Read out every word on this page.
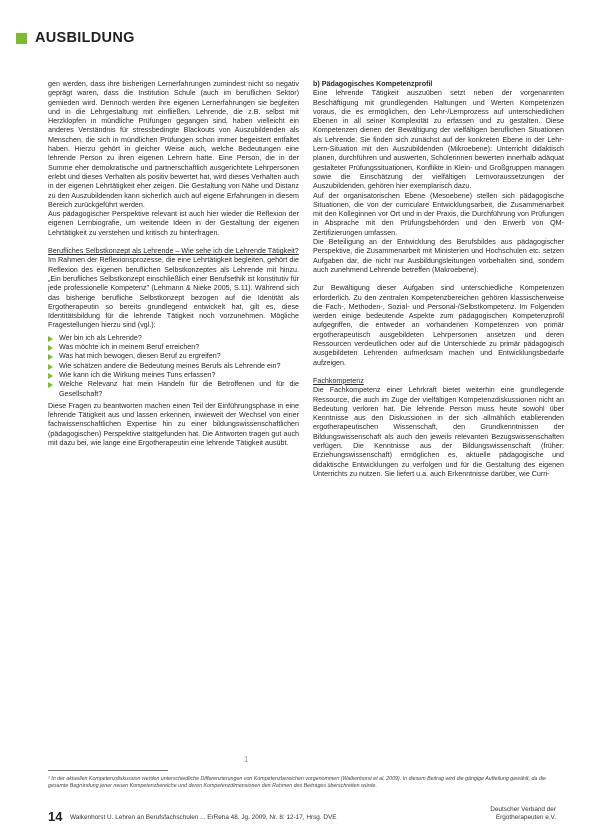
AUSBILDUNG

gen werden, dass ihre bisherigen Lernerfahrungen zumindest nicht so negativ geprägt waren, dass die Institution Schule (auch im beruflichen Sektor) gemieden wird. Dennoch werden ihre eigenen Lernerfahrungen sie begleiten und in die Lehrgestaltung mit einfließen. Lehrende, die z.B. selbst mit Herzklopfen in mündliche Prüfungen gegangen sind, haben vielleicht ein anderes Verständnis für stressbedingte Blackouts von Auszubildenden als Menschen, die sich in mündlichen Prüfungen schon immer begeistert entfaltet haben. Hierzu gehört in gleicher Weise auch, welche Bedeutungen eine lehrende Person zu ihren eigenen Lehrern hatte. Eine Person, die in der Summe eher demokratische und partnerschaftlich ausgerichtete Lehrpersonen erlebt und dieses Verhalten als positiv bewertet hat, wird dieses Verhalten auch in der eigenen Lehrtätigkeit eher zeigen. Die Gestaltung von Nähe und Distanz zu den Auszubildenden kann sicherlich auch auf eigene Erfahrungen in diesem Bereich zurückgeführt werden.

Aus pädagogischer Perspektive relevant ist auch hier wieder die Reflexion der eigenen Lernbiografie, um weitende Ideen in der Gestaltung der eigenen Lehrtätigkeit zu verstehen und kritisch zu hinterfragen.

Berufliches Selbstkonzept als Lehrende – Wie sehe ich die Lehrende Tätigkeit?

Im Rahmen der Reflexionsprozesse, die eine Lehrtätigkeit begleiten, gehört die Reflexion des eigenen beruflichen Selbstkonzeptes als Lehrende mit hinzu. „Ein berufliches Selbstkonzept einschließlich einer Berufsethik ist konstitutiv für jede professionelle Kompetenz" (Lehmann & Nieke 2005, S.11). Während sich das bisherige berufliche Selbstkonzept bezogen auf die Identität als Ergotherapeutin so bereits grundlegend entwickelt hat, gilt es, diese Identitätsbildung für die lehrende Tätigkeit noch vorzunehmen. Mögliche Fragestellungen hierzu sind (vgl.):

Wer bin ich als Lehrende?
Was möchte ich in meinem Beruf erreichen?
Was hat mich bewogen, diesen Beruf zu ergreifen?
Wie schätzen andere die Bedeutung meines Berufs als Lehrende ein?
Wie kann ich die Wirkung meines Tuns erfassen?
Welche Relevanz hat mein Handeln für die Betroffenen und für die Gesellschaft?

Diese Fragen zu beantworten machen einen Teil der Einführungsphase in eine lehrende Tätigkeit aus und lassen erkennen, inwieweit der Wechsel von einer fachwissenschaftlichen Expertise hin zu einer bildungswissenschaftlichen (pädagogischen) Perspektive stattgefunden hat. Die Antworten tragen gut auch mit dazu bei, wie lange eine Ergotherapeutin eine lehrende Tätigkeit ausübt.

b) Pädagogisches Kompetenzprofil

Eine lehrende Tätigkeit auszuüben setzt neben der vorgenannten Beschäftigung mit grundlegenden Haltungen und Werten Kompetenzen voraus, die es ermöglichen, den Lehr-/Lernprozess auf unterschiedlichen Ebenen in all seiner Komplexität zu erfassen und zu gestalten. Diese Kompetenzen dienen der Bewältigung der vielfältigen beruflichen Situationen als Lehrende. Sie finden sich zunächst auf der konkreten Ebene in der Lehr-Lern-Situation mit den Auszubildenden (Mikroebene): Unterricht didaktisch planen, durchführen und auswerten, Schülerinnen bewerten innerhalb adäquat gestalteter Prüfungssituationen, Konflikte in Klein- und Großgruppen managen sowie die Einschätzung der vielfältigen Lernvoraussetzungen der Auszubildenden, gehören hier exemplarisch dazu.

Auf der organisatorischen Ebene (Mesoebene) stellen sich pädagogische Situationen, die von der curriculare Entwicklungsarbeit, die Zusammenarbeit mit den Kolleginnen vor Ort und in der Praxis, die Durchführung von Prüfungen in Absprache mit den Prüfungsbehörden und den Erwerb von QM-Zertifizierungen umfassen.

Die Beteiligung an der Entwicklung des Berufsbildes aus pädagogischer Perspektive, die Zusammenarbeit mit Ministerien und Hochschulen etc. setzen Aufgaben dar, die nicht nur Ausbildungsleitungen vorbehalten sind, sondern auch zunehmend Lehrende betreffen (Makroebene).

Zur Bewältigung dieser Aufgaben sind unterschiedliche Kompetenzen erforderlich. Zu den zentralen Kompetenzbereichen gehören klassischerweise die Fach-, Methoden-, Sozial- und Personal-/Selbstkompetenz. Im Folgenden werden einige bedeutende Aspekte zum pädagogischen Kompetenzprofil aufgegriffen, die entweder an vorhandenen Kompetenzen von primär ergotherapeutisch ausgebildeten Lehrpersonen ansetzen und deren Ressourcen verdeutlichen oder auf die Unterschiede zu primär pädagogisch ausgebildeten Lehrenden aufmerksam machen und Entwicklungsbedarfe aufzeigen.

Fachkompetenz

Die Fachkompetenz einer Lehrkraft bietet weiterhin eine grundlegende Ressource, die auch im Zuge der vielfältigen Kompetenzdiskussionen nicht an Bedeutung verloren hat. Die lehrende Person muss heute sowohl über Kenntnisse aus den Diskussionen in der sich allmählich etablierenden ergotherapeutischen Wissenschaft, den Grundkenntnissen der Bildungswissenschaft als auch den jeweils relevanten Bezugswissenschaften verfügen. Die Kenntnisse aus der Bildungswissenschaft (früher: Erziehungswissenschaft) ermöglichen es, aktuelle pädagogische und didaktische Entwicklungen zu verfolgen und für die Gestaltung des eigenen Unterrichts zu nutzen. Sie liefert u.a. auch Erkenntnisse darüber, wie Curri-

1
¹ In der aktuellen Kompetenzdiskussion werden unterschiedliche Differenzierungen von Kompetenzbereichen vorgenommen (Walkenhorst et al. 2009). In diesem Beitrag wird die gängige Aufteilung gewählt, da die gesamte Begründung jener neuen Kompetenzbereiche und deren Kompetenzdimensionen den Rahmen des Beitrages überschreiten würde.
14 Walkenhorst U. Lehren an Berufsfachschulen ... ErReha 48. Jg. 2009, Nr. 8: 12-17, Hrsg. DVE
Deutscher Verband der
Ergotherapeuten e.V.
